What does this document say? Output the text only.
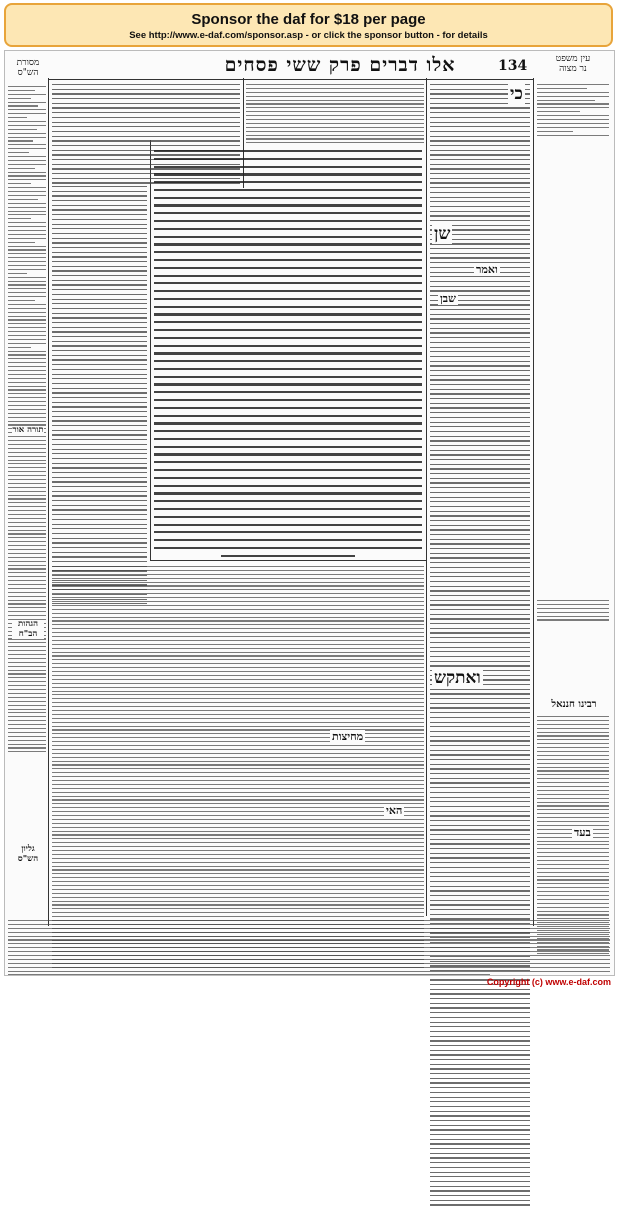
Sponsor the daf for $18 per page
See http://www.e-daf.com/sponsor.asp - or click the sponsor button - for details
מסורת
הש"ס	אלו דברים פרק ששי פסחים	134	עין משפט
נר מצוה
תורה אור
הגהות הב"ח
גליון הש"ס
כי
שן
ואמר
שבן
ואתקש
מחיצות
האי
רבינו חננאל
בעד
Copyright (c) www.e-daf.com
